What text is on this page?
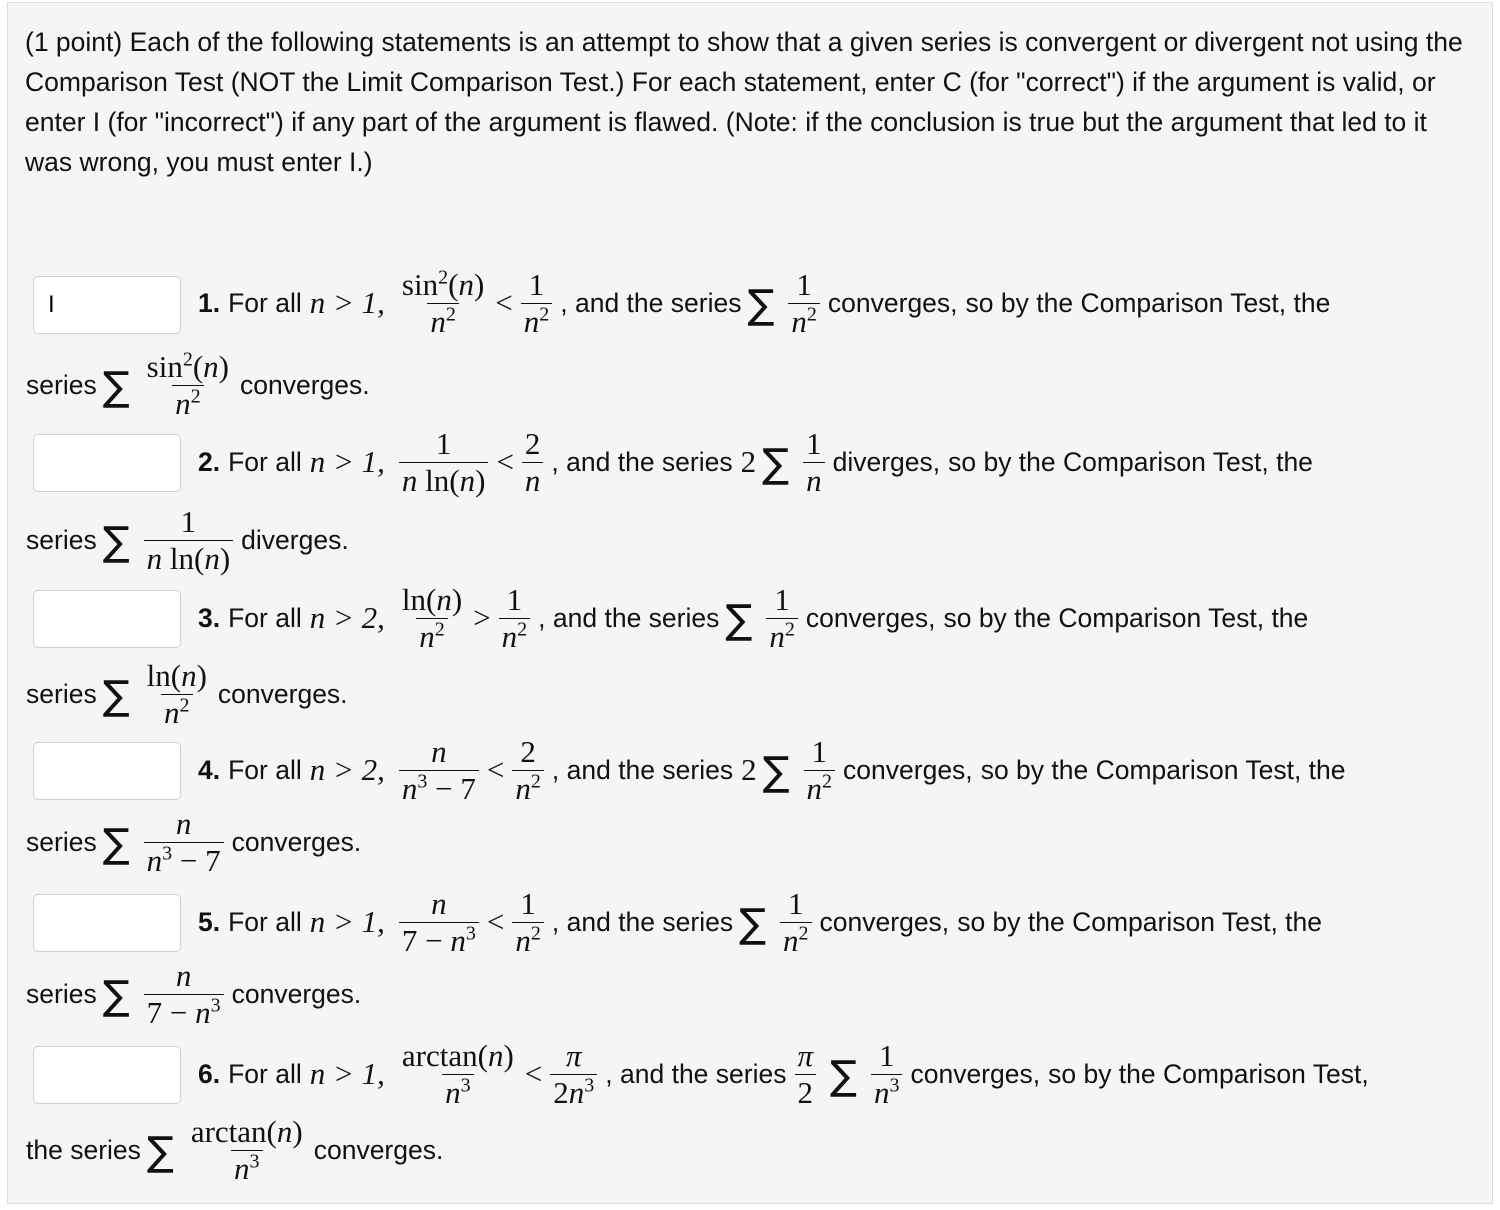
(1 point) Each of the following statements is an attempt to show that a given series is convergent or divergent not using the Comparison Test (NOT the Limit Comparison Test.) For each statement, enter C (for "correct") if the argument is valid, or enter I (for "incorrect") if any part of the argument is flawed. (Note: if the conclusion is true but the argument that led to it was wrong, you must enter I.)
I
1. For all n > 1, $\frac{\sin^2(n)}{n^2} < \frac{1}{n^2}$ , and the series ∑ $\frac{1}{n^2}$ converges, so by the Comparison Test, the
series ∑ $\frac{\sin^2(n)}{n^2}$ converges.
2. For all n > 1, $\frac{1}{\text{n ln(n)}} < \frac{2}{n}$ , and the series 2 ∑ $\frac{1}{n}$ diverges, so by the Comparison Test, the
series ∑ $\frac{1}{\text{n ln(n)}}$ diverges.
3. For all n > 2, $\frac{\ln(n)}{n^2} > \frac{1}{n^2}$ , and the series ∑ $\frac{1}{n^2}$ converges, so by the Comparison Test, the
series ∑ $\frac{\ln(n)}{n^2}$ converges.
4. For all n > 2, $\frac{n}{n^3 - 7} < \frac{2}{n^2}$ , and the series 2 ∑ $\frac{1}{n^2}$ converges, so by the Comparison Test, the
series ∑ $\frac{n}{n^3 - 7}$ converges.
5. For all n > 1, $\frac{n}{7 - n^3} < \frac{1}{n^2}$ , and the series ∑ $\frac{1}{n^2}$ converges, so by the Comparison Test, the
series ∑ $\frac{n}{7 - n^3}$ converges.
6. For all n > 1, $\frac{\arctan(n)}{n^3} < \frac{\pi}{2n^3}$ , and the series $\frac{\pi}{2}$ ∑ $\frac{1}{n^3}$ converges, so by the Comparison Test,
the series ∑ $\frac{\arctan(n)}{n^3}$ converges.
